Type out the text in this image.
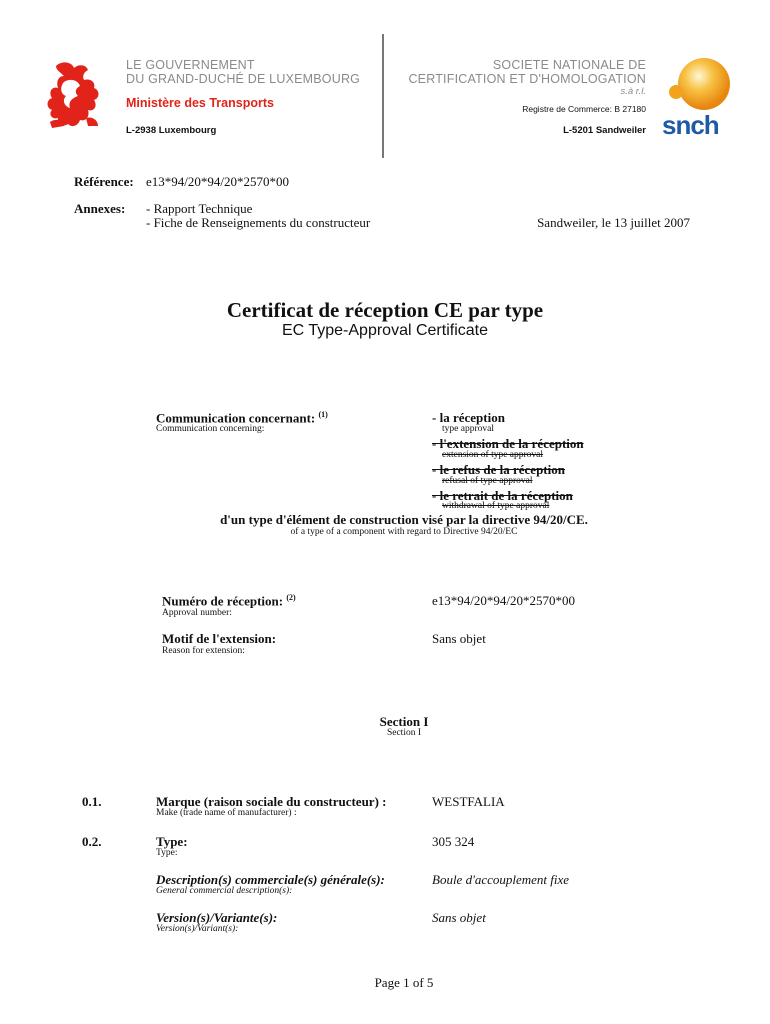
LE GOUVERNEMENT
DU GRAND-DUCHÉ DE LUXEMBOURG
Ministère des Transports
L-2938 Luxembourg
SOCIETE NATIONALE DE
CERTIFICATION ET D'HOMOLOGATION
s.à r.l.
Registre de Commerce: B 27180
L-5201 Sandweiler snch
Référence: e13*94/20*94/20*2570*00
Annexes: - Rapport Technique
- Fiche de Renseignements du constructeur	Sandweiler, le 13 juillet 2007
Certificat de réception CE par type
EC Type-Approval Certificate
Communication concernant: $^{(1)}$
Communication concerning:
- la réception
type approval
- l'extension de la réception
extension of type approval
- le refus de la réception
refusal of type approval
- le retrait de la réception
withdrawal of type approval
d'un type d'élément de construction visé par la directive 94/20/CE.
of a type of a component with regard to Directive 94/20/EC
Numéro de réception: $^{(2)}$
Approval number:
e13*94/20*94/20*2570*00
Motif de l'extension:
Reason for extension:
Sans objet
Section I
Section I
0.1.	Marque (raison sociale du constructeur) :
Make (trade name of manufacturer) :
WESTFALIA
0.2.	Type:
Type:
305 324
Description(s) commerciale(s) générale(s):
General commercial description(s):
Boule d'accouplement fixe
Version(s)/Variante(s):
Version(s)/Variant(s):
Sans objet
Page 1 of 5
